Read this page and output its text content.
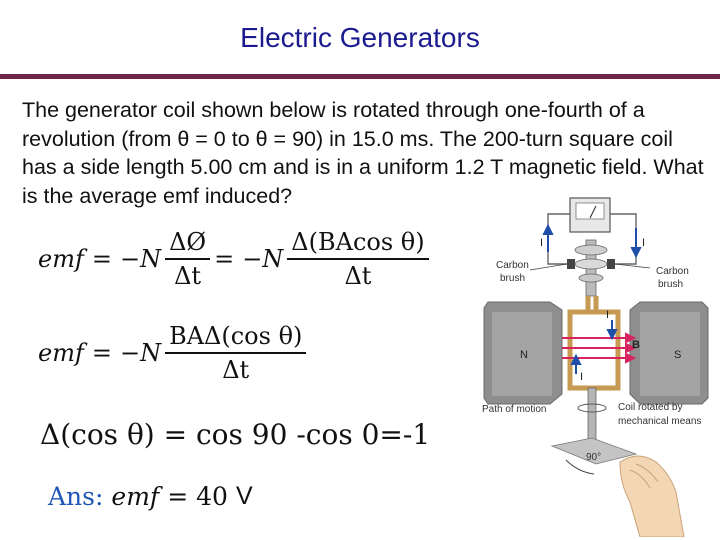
Electric Generators
The generator coil shown below is rotated through one-fourth of a revolution (from θ = 0 to θ = 90) in 15.0 ms. The 200-turn square coil has a side length 5.00 cm and is in a uniform 1.2 T magnetic field. What is the average emf induced?
emf = $-N \frac{\Delta Ø}{\Delta t} = -N \frac{\text{Δ(BAcos θ)}}{\Delta t}$
emf = $-N \frac{\text{BAΔ(cos θ)}}{\Delta t}$
Δ(cos θ) = cos 90 -cos 0=-1
Ans: emf = 40 V
I	I
Carbon
brush
Carbon
brush
N	S
B
I
I
Path of motion	Coil rotated by
mechanical means
90°
